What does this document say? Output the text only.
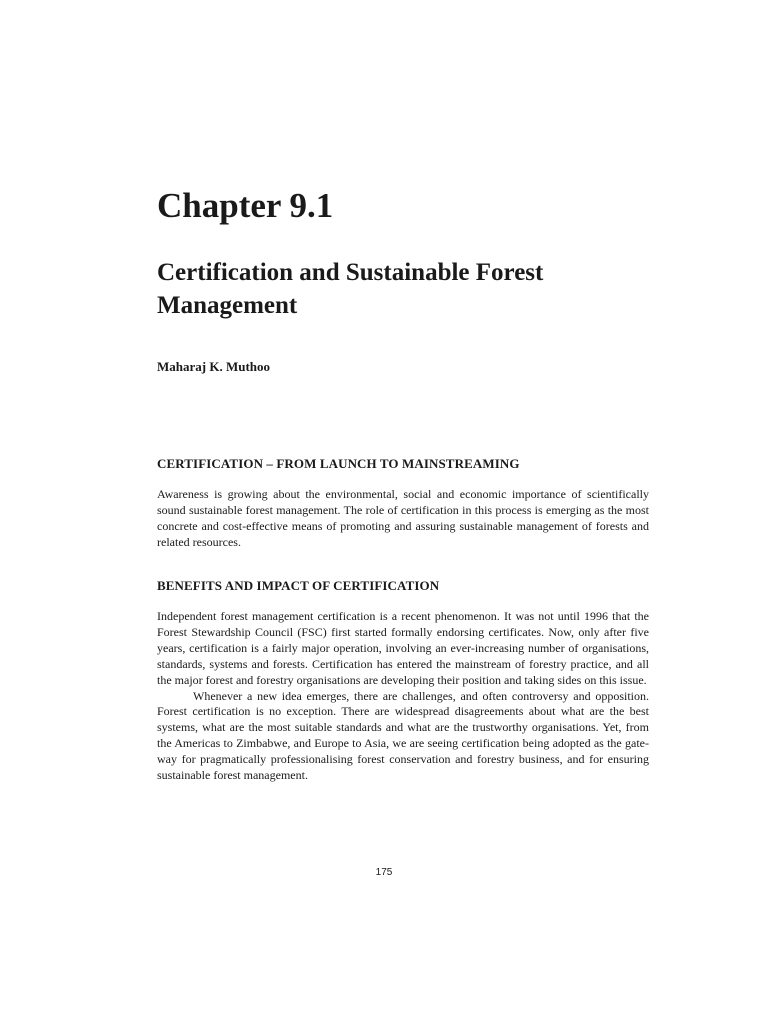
Chapter 9.1
Certification and Sustainable Forest Management
Maharaj K. Muthoo
CERTIFICATION – FROM LAUNCH TO MAINSTREAMING

Awareness is growing about the environmental, social and economic importance of scientifically sound sustainable forest management. The role of certification in this process is emerging as the most concrete and cost-effective means of promoting and assuring sustainable management of forests and related resources.

BENEFITS AND IMPACT OF CERTIFICATION

Independent forest management certification is a recent phenomenon. It was not until 1996 that the Forest Stewardship Council (FSC) first started formally endorsing certificates. Now, only after five years, certification is a fairly major operation, involving an ever-increasing number of organisations, standards, systems and forests. Certification has entered the mainstream of forestry practice, and all the major forest and forestry organisations are developing their position and taking sides on this issue.

Whenever a new idea emerges, there are challenges, and often controversy and opposition. Forest certification is no exception. There are widespread disagreements about what are the best systems, what are the most suitable standards and what are the trustworthy organisations. Yet, from the Americas to Zimbabwe, and Europe to Asia, we are seeing certification being adopted as the gate-way for pragmatically professionalising forest conservation and forestry business, and for ensuring sustainable forest management.

175
